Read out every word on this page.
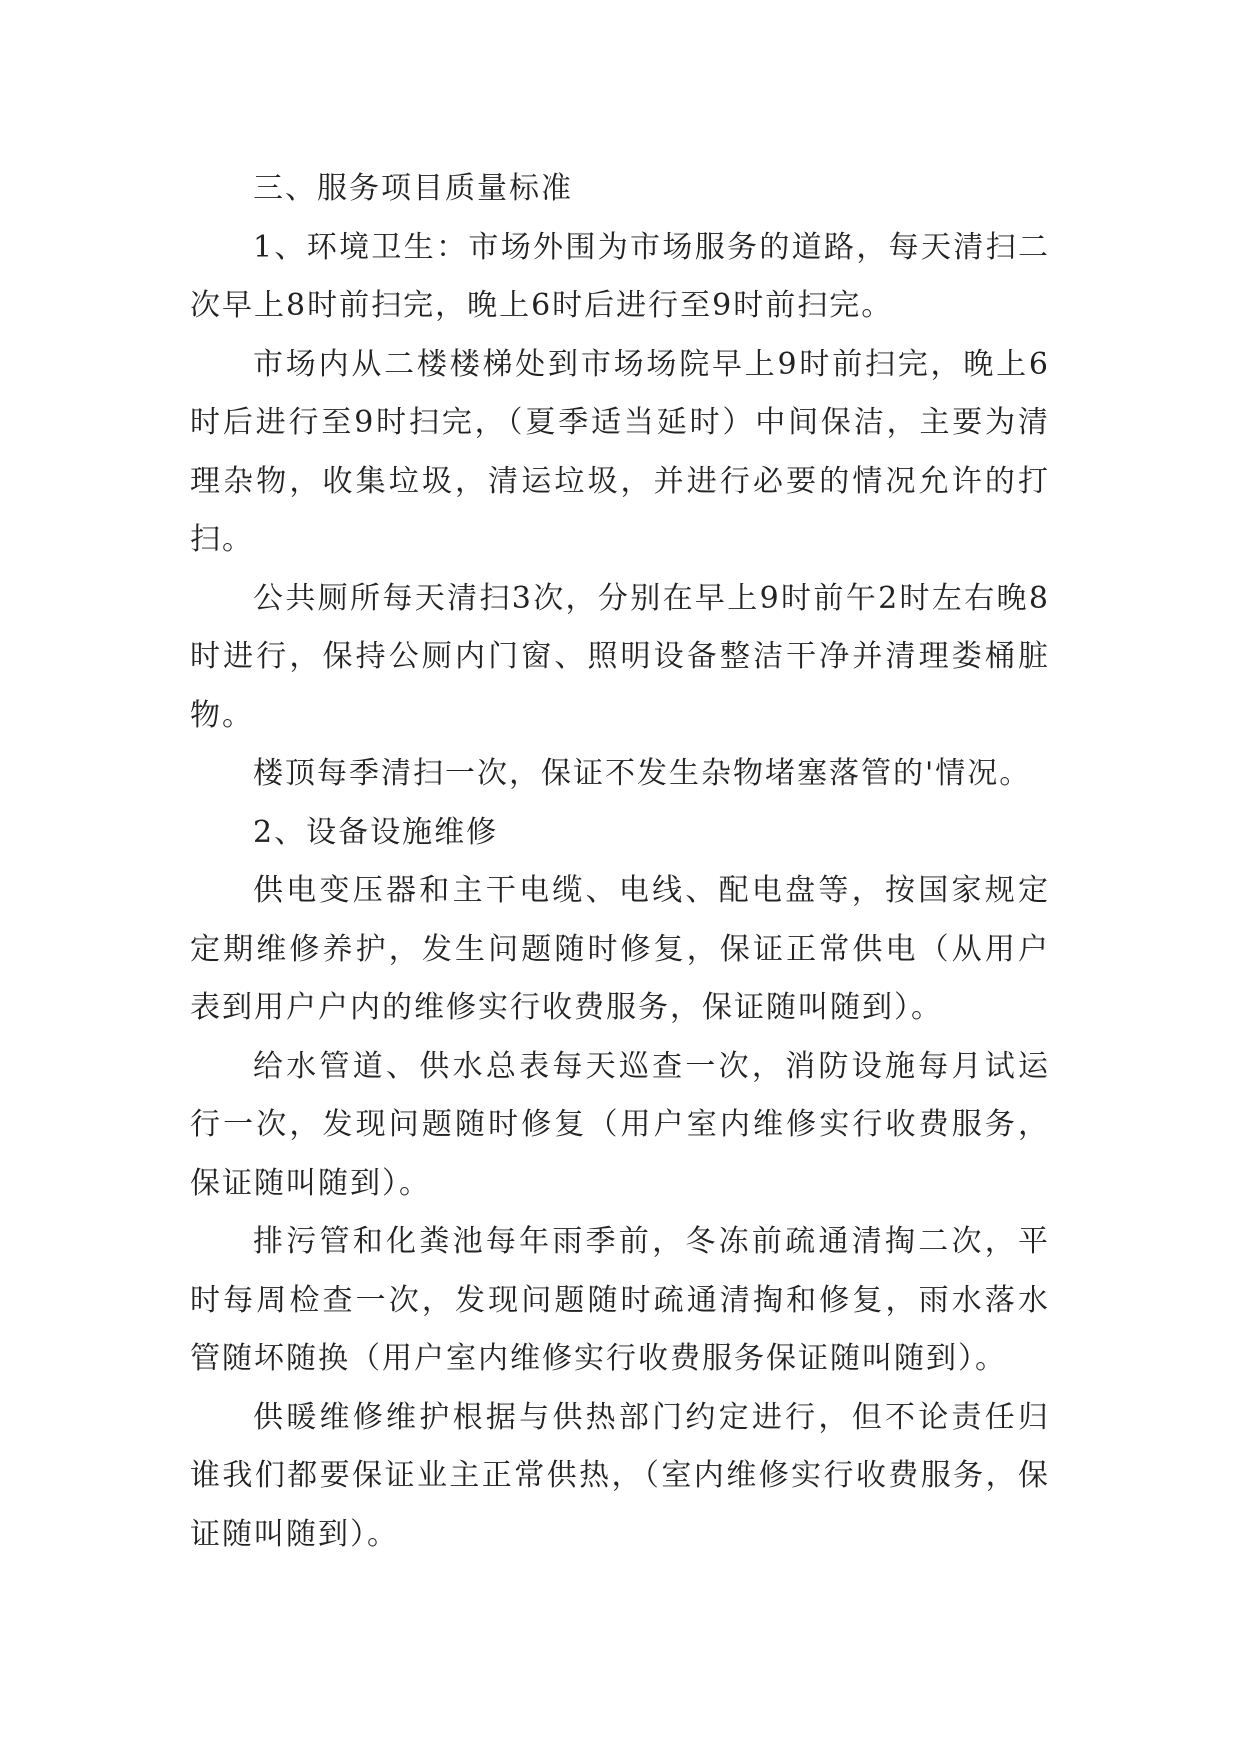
三、服务项目质量标准

1、环境卫生：市场外围为市场服务的道路，每天清扫二次早上8时前扫完，晚上6时后进行至9时前扫完。

市场内从二楼楼梯处到市场场院早上9时前扫完，晚上6时后进行至9时扫完，（夏季适当延时）中间保洁，主要为清理杂物，收集垃圾，清运垃圾，并进行必要的情况允许的打扫。

公共厕所每天清扫3次，分别在早上9时前午2时左右晚8时进行，保持公厕内门窗、照明设备整洁干净并清理娄桶脏物。

楼顶每季清扫一次，保证不发生杂物堵塞落管的'情况。

2、设备设施维修

供电变压器和主干电缆、电线、配电盘等，按国家规定定期维修养护，发生问题随时修复，保证正常供电（从用户表到用户户内的维修实行收费服务，保证随叫随到）。

给水管道、供水总表每天巡查一次，消防设施每月试运行一次，发现问题随时修复（用户室内维修实行收费服务，保证随叫随到）。

排污管和化粪池每年雨季前，冬冻前疏通清掏二次，平时每周检查一次，发现问题随时疏通清掏和修复，雨水落水管随坏随换（用户室内维修实行收费服务保证随叫随到）。

供暖维修维护根据与供热部门约定进行，但不论责任归谁我们都要保证业主正常供热，（室内维修实行收费服务，保证随叫随到）。
